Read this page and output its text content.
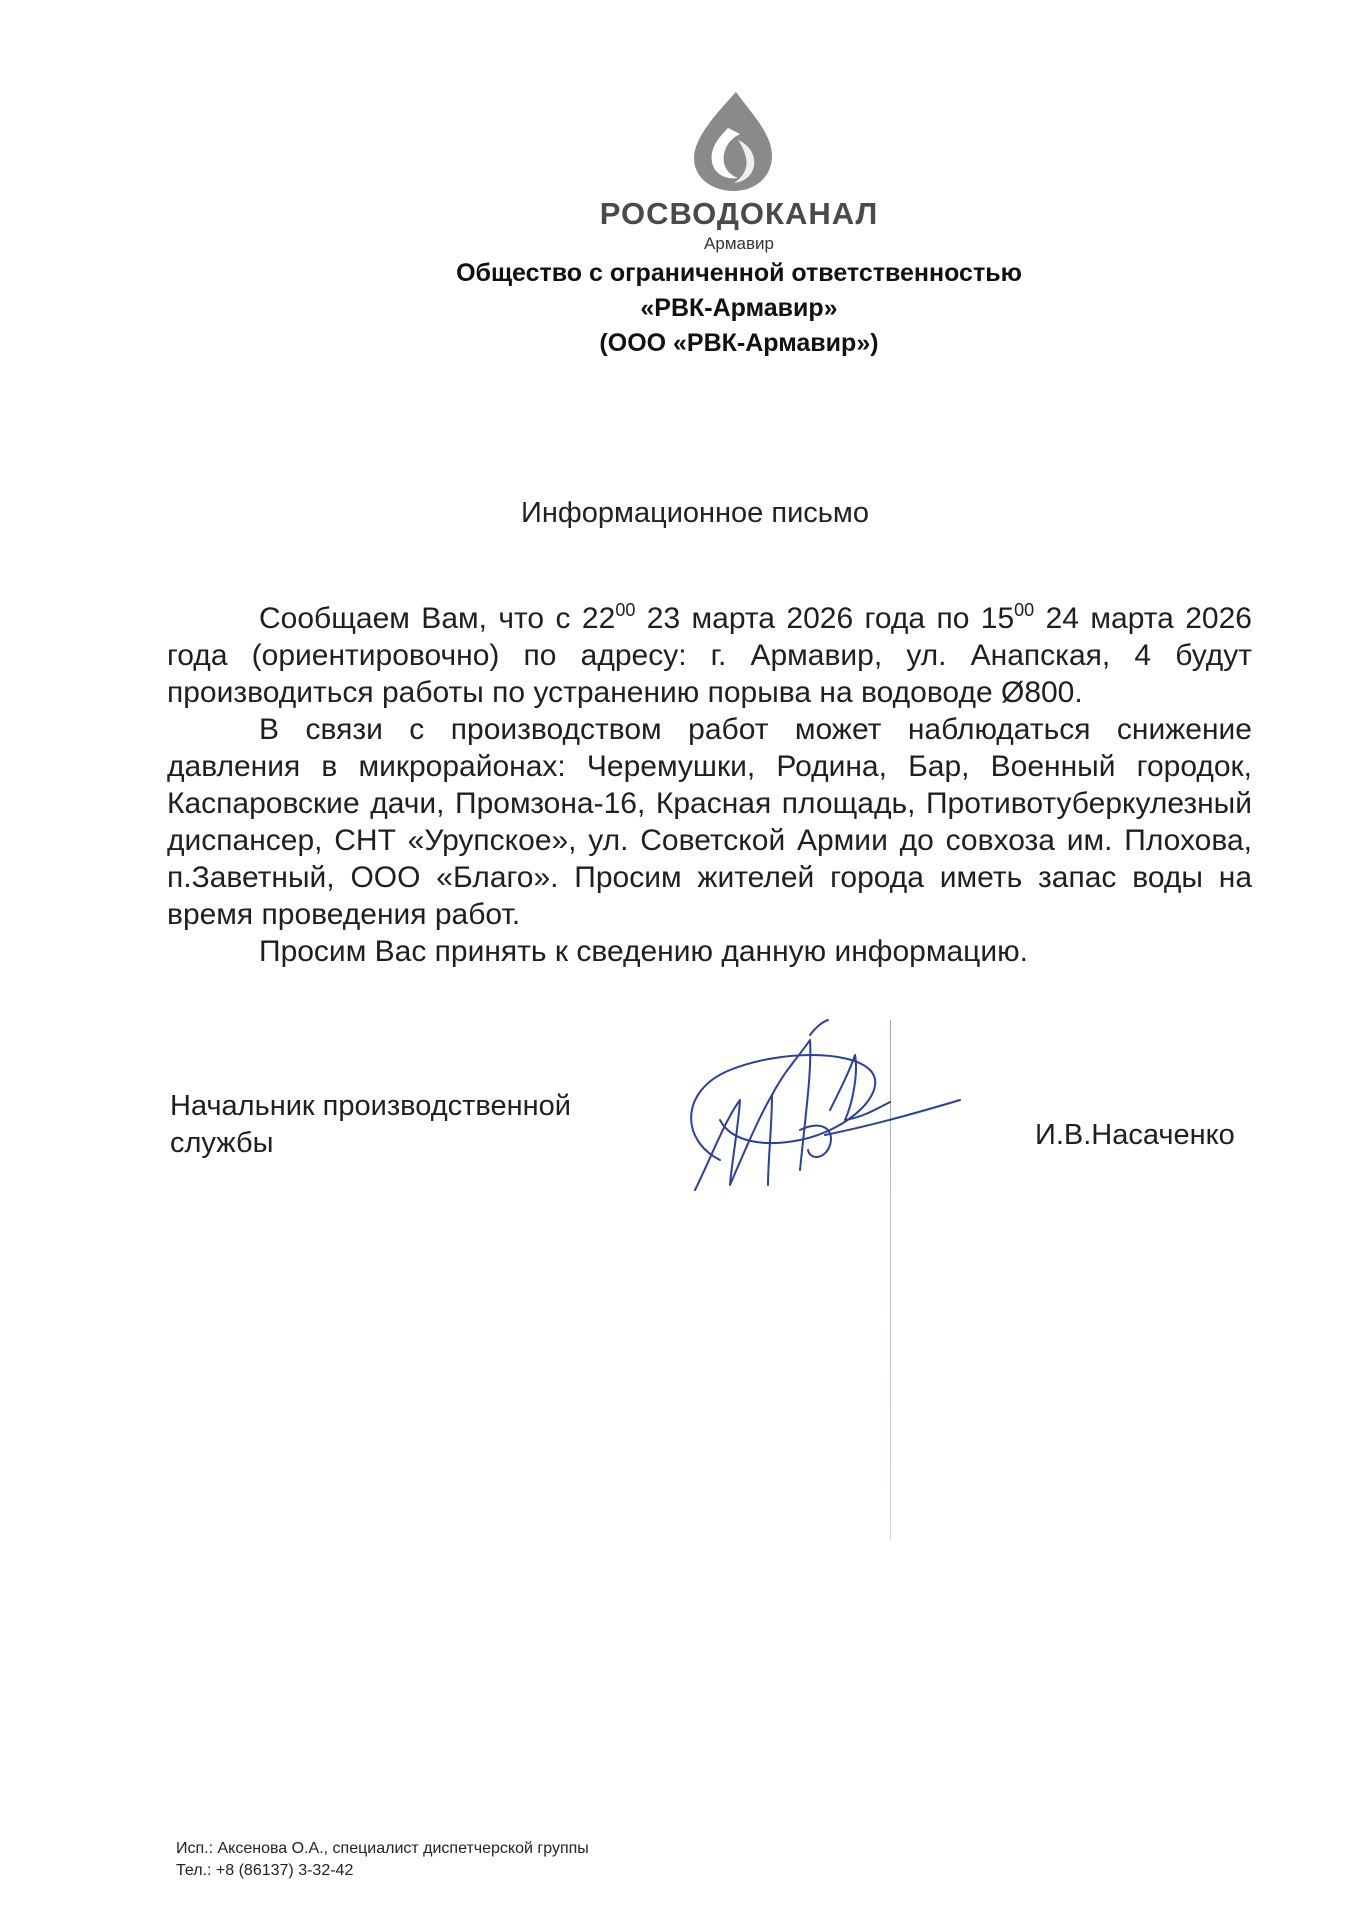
РОСВОДОКАНАЛ
Армавир
Общество с ограниченной ответственностью
«РВК-Армавир»
(ООО «РВК-Армавир»)
Информационное письмо

Сообщаем Вам, что с $22^{00}$ 23 марта 2026 года по $15^{00}$ 24 марта 2026 года (ориентировочно) по адресу: г. Армавир, ул. Анапская, 4 будут производиться работы по устранению порыва на водоводе Ø800.

В связи с производством работ может наблюдаться снижение давления в микрорайонах: Черемушки, Родина, Бар, Военный городок, Каспаровские дачи, Промзона-16, Красная площадь, Противотуберкулезный диспансер, СНТ «Урупское», ул. Советской Армии до совхоза им. Плохова, п.Заветный, ООО «Благо». Просим жителей города иметь запас воды на время проведения работ.

Просим Вас принять к сведению данную информацию.

Начальник производственной
службы	И.В.Насаченко
Исп.: Аксенова О.А., специалист диспетчерской группы
Тел.: +8 (86137) 3-32-42
